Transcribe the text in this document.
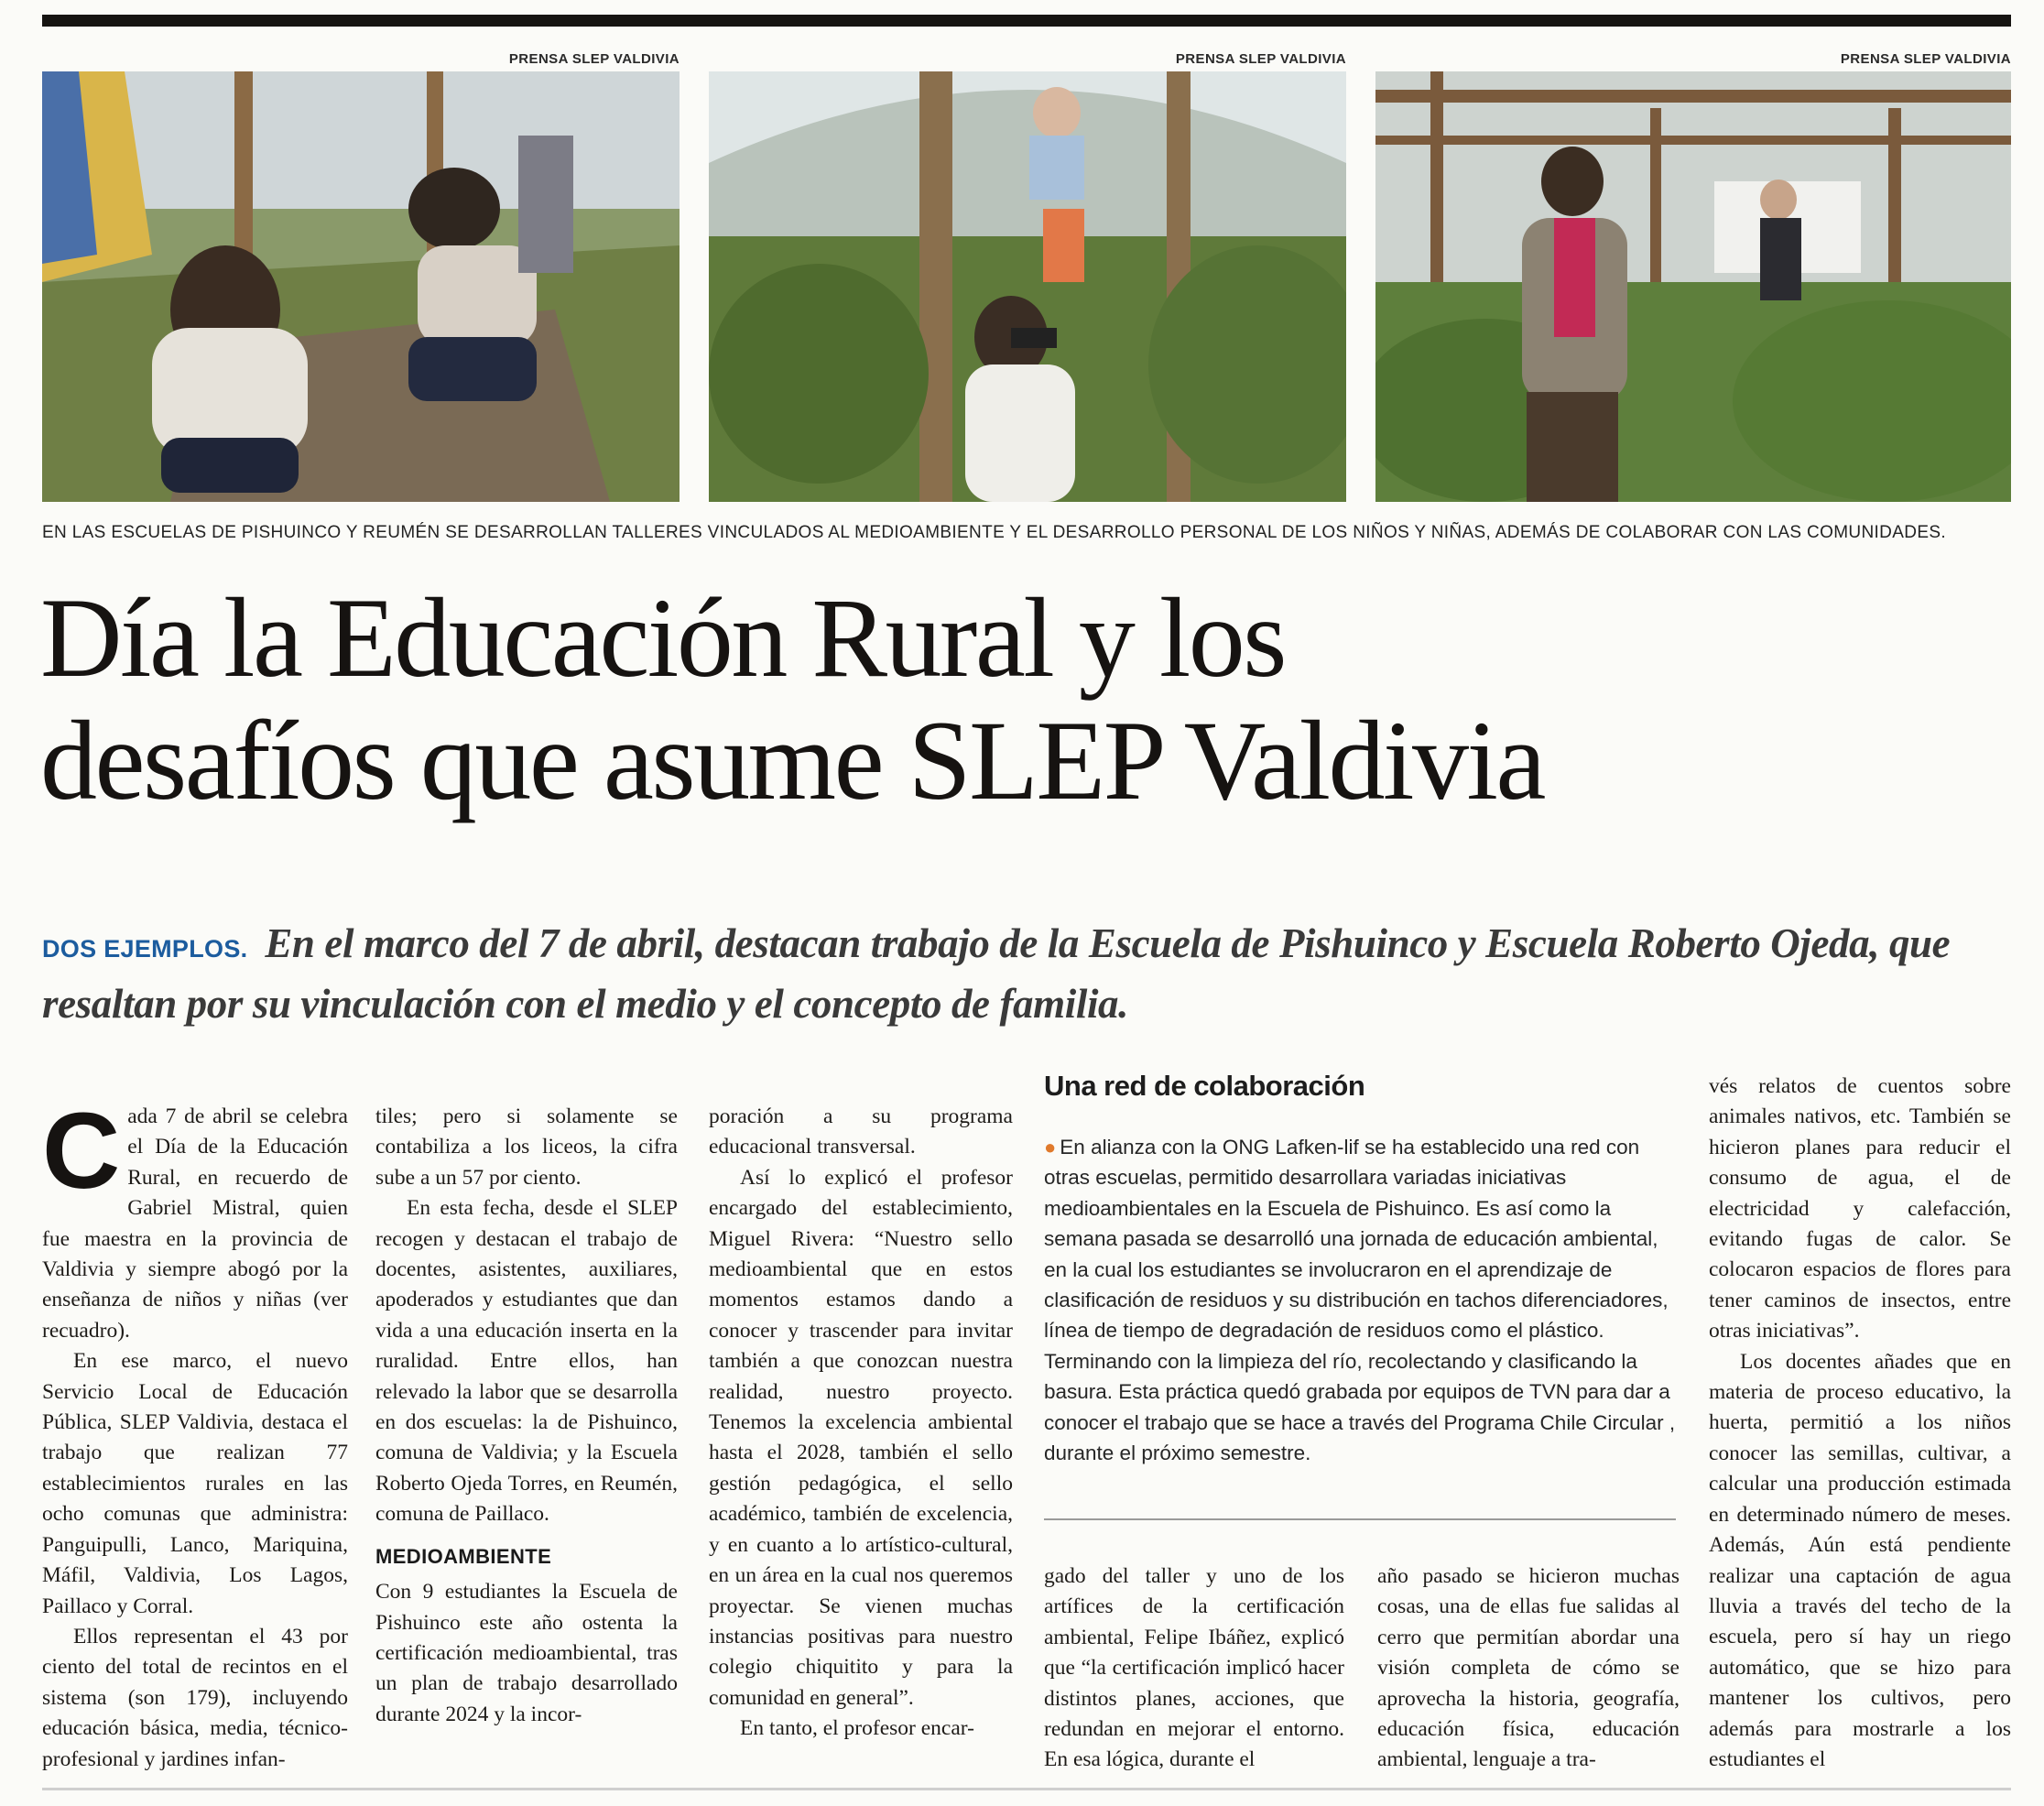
PRENSA SLEP VALDIVIA	PRENSA SLEP VALDIVIA	PRENSA SLEP VALDIVIA
EN LAS ESCUELAS DE PISHUINCO Y REUMÉN SE DESARROLLAN TALLERES VINCULADOS AL MEDIOAMBIENTE Y EL DESARROLLO PERSONAL DE LOS NIÑOS Y NIÑAS, ADEMÁS DE COLABORAR CON LAS COMUNIDADES.
Día la Educación Rural y los
desafíos que asume SLEP Valdivia
DOS EJEMPLOS. En el marco del 7 de abril, destacan trabajo de la Escuela de Pishuinco y Escuela Roberto Ojeda, que resaltan por su vinculación con el medio y el concepto de familia.

Cada 7 de abril se celebra el Día de la Educación Rural, en recuerdo de Gabriel Mistral, quien fue maestra en la provincia de Valdivia y siempre abogó por la enseñanza de niños y niñas (ver recuadro).

En ese marco, el nuevo Servicio Local de Educación Pública, SLEP Valdivia, destaca el trabajo que realizan 77 establecimientos rurales en las ocho comunas que administra: Panguipulli, Lanco, Mariquina, Máfil, Valdivia, Los Lagos, Paillaco y Corral.

Ellos representan el 43 por ciento del total de recintos en el sistema (son 179), incluyendo educación básica, media, técnico-profesional y jardines infan-

tiles; pero si solamente se contabiliza a los liceos, la cifra sube a un 57 por ciento.

En esta fecha, desde el SLEP recogen y destacan el trabajo de docentes, asistentes, auxiliares, apoderados y estudiantes que dan vida a una educación inserta en la ruralidad. Entre ellos, han relevado la labor que se desarrolla en dos escuelas: la de Pishuinco, comuna de Valdivia; y la Escuela Roberto Ojeda Torres, en Reumén, comuna de Paillaco.

MEDIOAMBIENTE

Con 9 estudiantes la Escuela de Pishuinco este año ostenta la certificación medioambiental, tras un plan de trabajo desarrollado durante 2024 y la incor-

poración a su programa educacional transversal.

Así lo explicó el profesor encargado del establecimiento, Miguel Rivera: “Nuestro sello medioambiental que en estos momentos estamos dando a conocer y trascender para invitar también a que conozcan nuestra realidad, nuestro proyecto. Tenemos la excelencia ambiental hasta el 2028, también el sello gestión pedagógica, el sello académico, también de excelencia, y en cuanto a lo artístico-cultural, en un área en la cual nos queremos proyectar. Se vienen muchas instancias positivas para nuestro colegio chiquitito y para la comunidad en general”.

En tanto, el profesor encar-

Una red de colaboración
● En alianza con la ONG Lafken-lif se ha establecido una red con otras escuelas, permitido desarrollara variadas iniciativas medioambientales en la Escuela de Pishuinco. Es así como la semana pasada se desarrolló una jornada de educación ambiental, en la cual los estudiantes se involucraron en el aprendizaje de clasificación de residuos y su distribución en tachos diferenciadores, línea de tiempo de degradación de residuos como el plástico. Terminando con la limpieza del río, recolectando y clasificando la basura. Esta práctica quedó grabada por equipos de TVN para dar a conocer el trabajo que se hace a través del Programa Chile Circular , durante el próximo semestre.

gado del taller y uno de los artífices de la certificación ambiental, Felipe Ibáñez, explicó que “la certificación implicó hacer distintos planes, acciones, que redundan en mejorar el entorno. En esa lógica, durante el

año pasado se hicieron muchas cosas, una de ellas fue salidas al cerro que permitían abordar una visión completa de cómo se aprovecha la historia, geografía, educación física, educación ambiental, lenguaje a tra-

vés relatos de cuentos sobre animales nativos, etc. También se hicieron planes para reducir el consumo de agua, el de electricidad y calefacción, evitando fugas de calor. Se colocaron espacios de flores para tener caminos de insectos, entre otras iniciativas”.

Los docentes añades que en materia de proceso educativo, la huerta, permitió a los niños conocer las semillas, cultivar, a calcular una producción estimada en determinado número de meses. Además, Aún está pendiente realizar una captación de agua lluvia a través del techo de la escuela, pero sí hay un riego automático, que se hizo para mantener los cultivos, pero además para mostrarle a los estudiantes el
